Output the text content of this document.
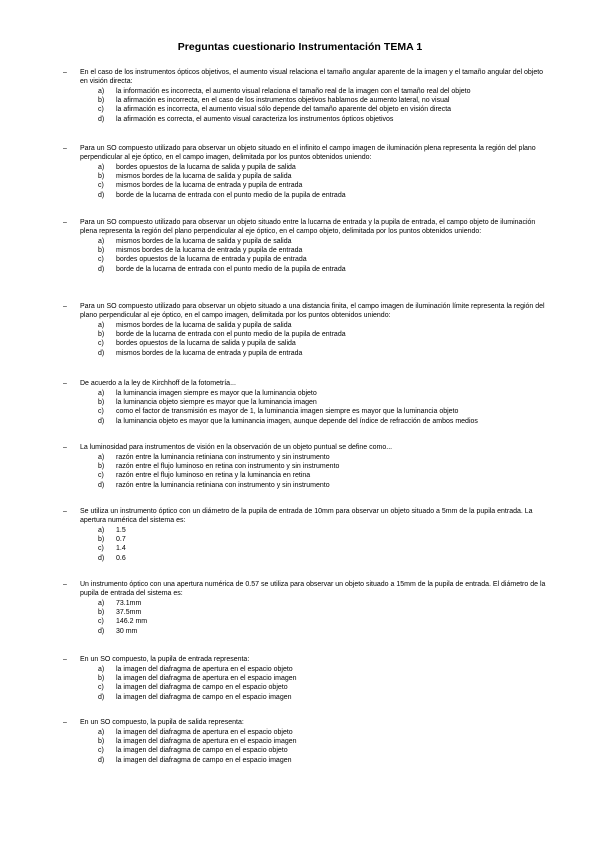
Preguntas cuestionario Instrumentación TEMA 1
– En el caso de los instrumentos ópticos objetivos, el aumento visual relaciona el tamaño angular aparente de la imagen y el tamaño angular del objeto en visión directa:
a) la información es incorrecta, el aumento visual relaciona el tamaño real de la imagen con el tamaño real del objeto
b) la afirmación es incorrecta, en el caso de los instrumentos objetivos hablamos de aumento lateral, no visual
c) la afirmación es incorrecta, el aumento visual sólo depende del tamaño aparente del objeto en visión directa
d) la afirmación es correcta, el aumento visual caracteriza los instrumentos ópticos objetivos
– Para un SO compuesto utilizado para observar un objeto situado en el infinito el campo imagen de iluminación plena representa la región del plano perpendicular al eje óptico, en el campo imagen, delimitada por los puntos obtenidos uniendo:
a) bordes opuestos de la lucarna de salida y pupila de salida
b) mismos bordes de la lucarna de salida y pupila de salida
c) mismos bordes de la lucarna de entrada y pupila de entrada
d) borde de la lucarna de entrada con el punto medio de la pupila de entrada
– Para un SO compuesto utilizado para observar un objeto situado entre la lucarna de entrada y la pupila de entrada, el campo objeto de iluminación plena representa la región del plano perpendicular al eje óptico, en el campo objeto, delimitada por los puntos obtenidos uniendo:
a) mismos bordes de la lucarna de salida y pupila de salida
b) mismos bordes de la lucarna de entrada y pupila de entrada
c) bordes opuestos de la lucarna de entrada y pupila de entrada
d) borde de la lucarna de entrada con el punto medio de la pupila de entrada
– Para un SO compuesto utilizado para observar un objeto situado a una distancia finita, el campo imagen de iluminación límite representa la región del plano perpendicular al eje óptico, en el campo imagen, delimitada por los puntos obtenidos uniendo:
a) mismos bordes de la lucarna de salida y pupila de salida
b) borde de la lucarna de entrada con el punto medio de la pupila de entrada
c) bordes opuestos de la lucarna de salida y pupila de salida
d) mismos bordes de la lucarna de entrada y pupila de entrada
– De acuerdo a la ley de Kirchhoff de la fotometría...
a) la luminancia imagen siempre es mayor que la luminancia objeto
b) la luminancia objeto siempre es mayor que la luminancia imagen
c) como el factor de transmisión es mayor de 1, la luminancia imagen siempre es mayor que la luminancia objeto
d) la luminancia objeto es mayor que la luminancia imagen, aunque depende del índice de refracción de ambos medios
– La luminosidad para instrumentos de visión en la observación de un objeto puntual se define como...
a) razón entre la luminancia retiniana con instrumento y sin instrumento
b) razón entre el flujo luminoso en retina con instrumento y sin instrumento
c) razón entre el flujo luminoso en retina y la luminancia en retina
d) razón entre la luminancia retiniana con instrumento y sin instrumento
– Se utiliza un instrumento óptico con un diámetro de la pupila de entrada de 10mm para observar un objeto situado a 5mm de la pupila entrada. La apertura numérica del sistema es:
a) 1.5
b) 0.7
c) 1.4
d) 0.6
– Un instrumento óptico con una apertura numérica de 0.57 se utiliza para observar un objeto situado a 15mm de la pupila de entrada. El diámetro de la pupila de entrada del sistema es:
a) 73.1mm
b) 37.5mm
c) 146.2 mm
d) 30 mm
– En un SO compuesto, la pupila de entrada representa:
a) la imagen del diafragma de apertura en el espacio objeto
b) la imagen del diafragma de apertura en el espacio imagen
c) la imagen del diafragma de campo en el espacio objeto
d) la imagen del diafragma de campo en el espacio imagen
– En un SO compuesto, la pupila de salida representa:
a) la imagen del diafragma de apertura en el espacio objeto
b) la imagen del diafragma de apertura en el espacio imagen
c) la imagen del diafragma de campo en el espacio objeto
d) la imagen del diafragma de campo en el espacio imagen
